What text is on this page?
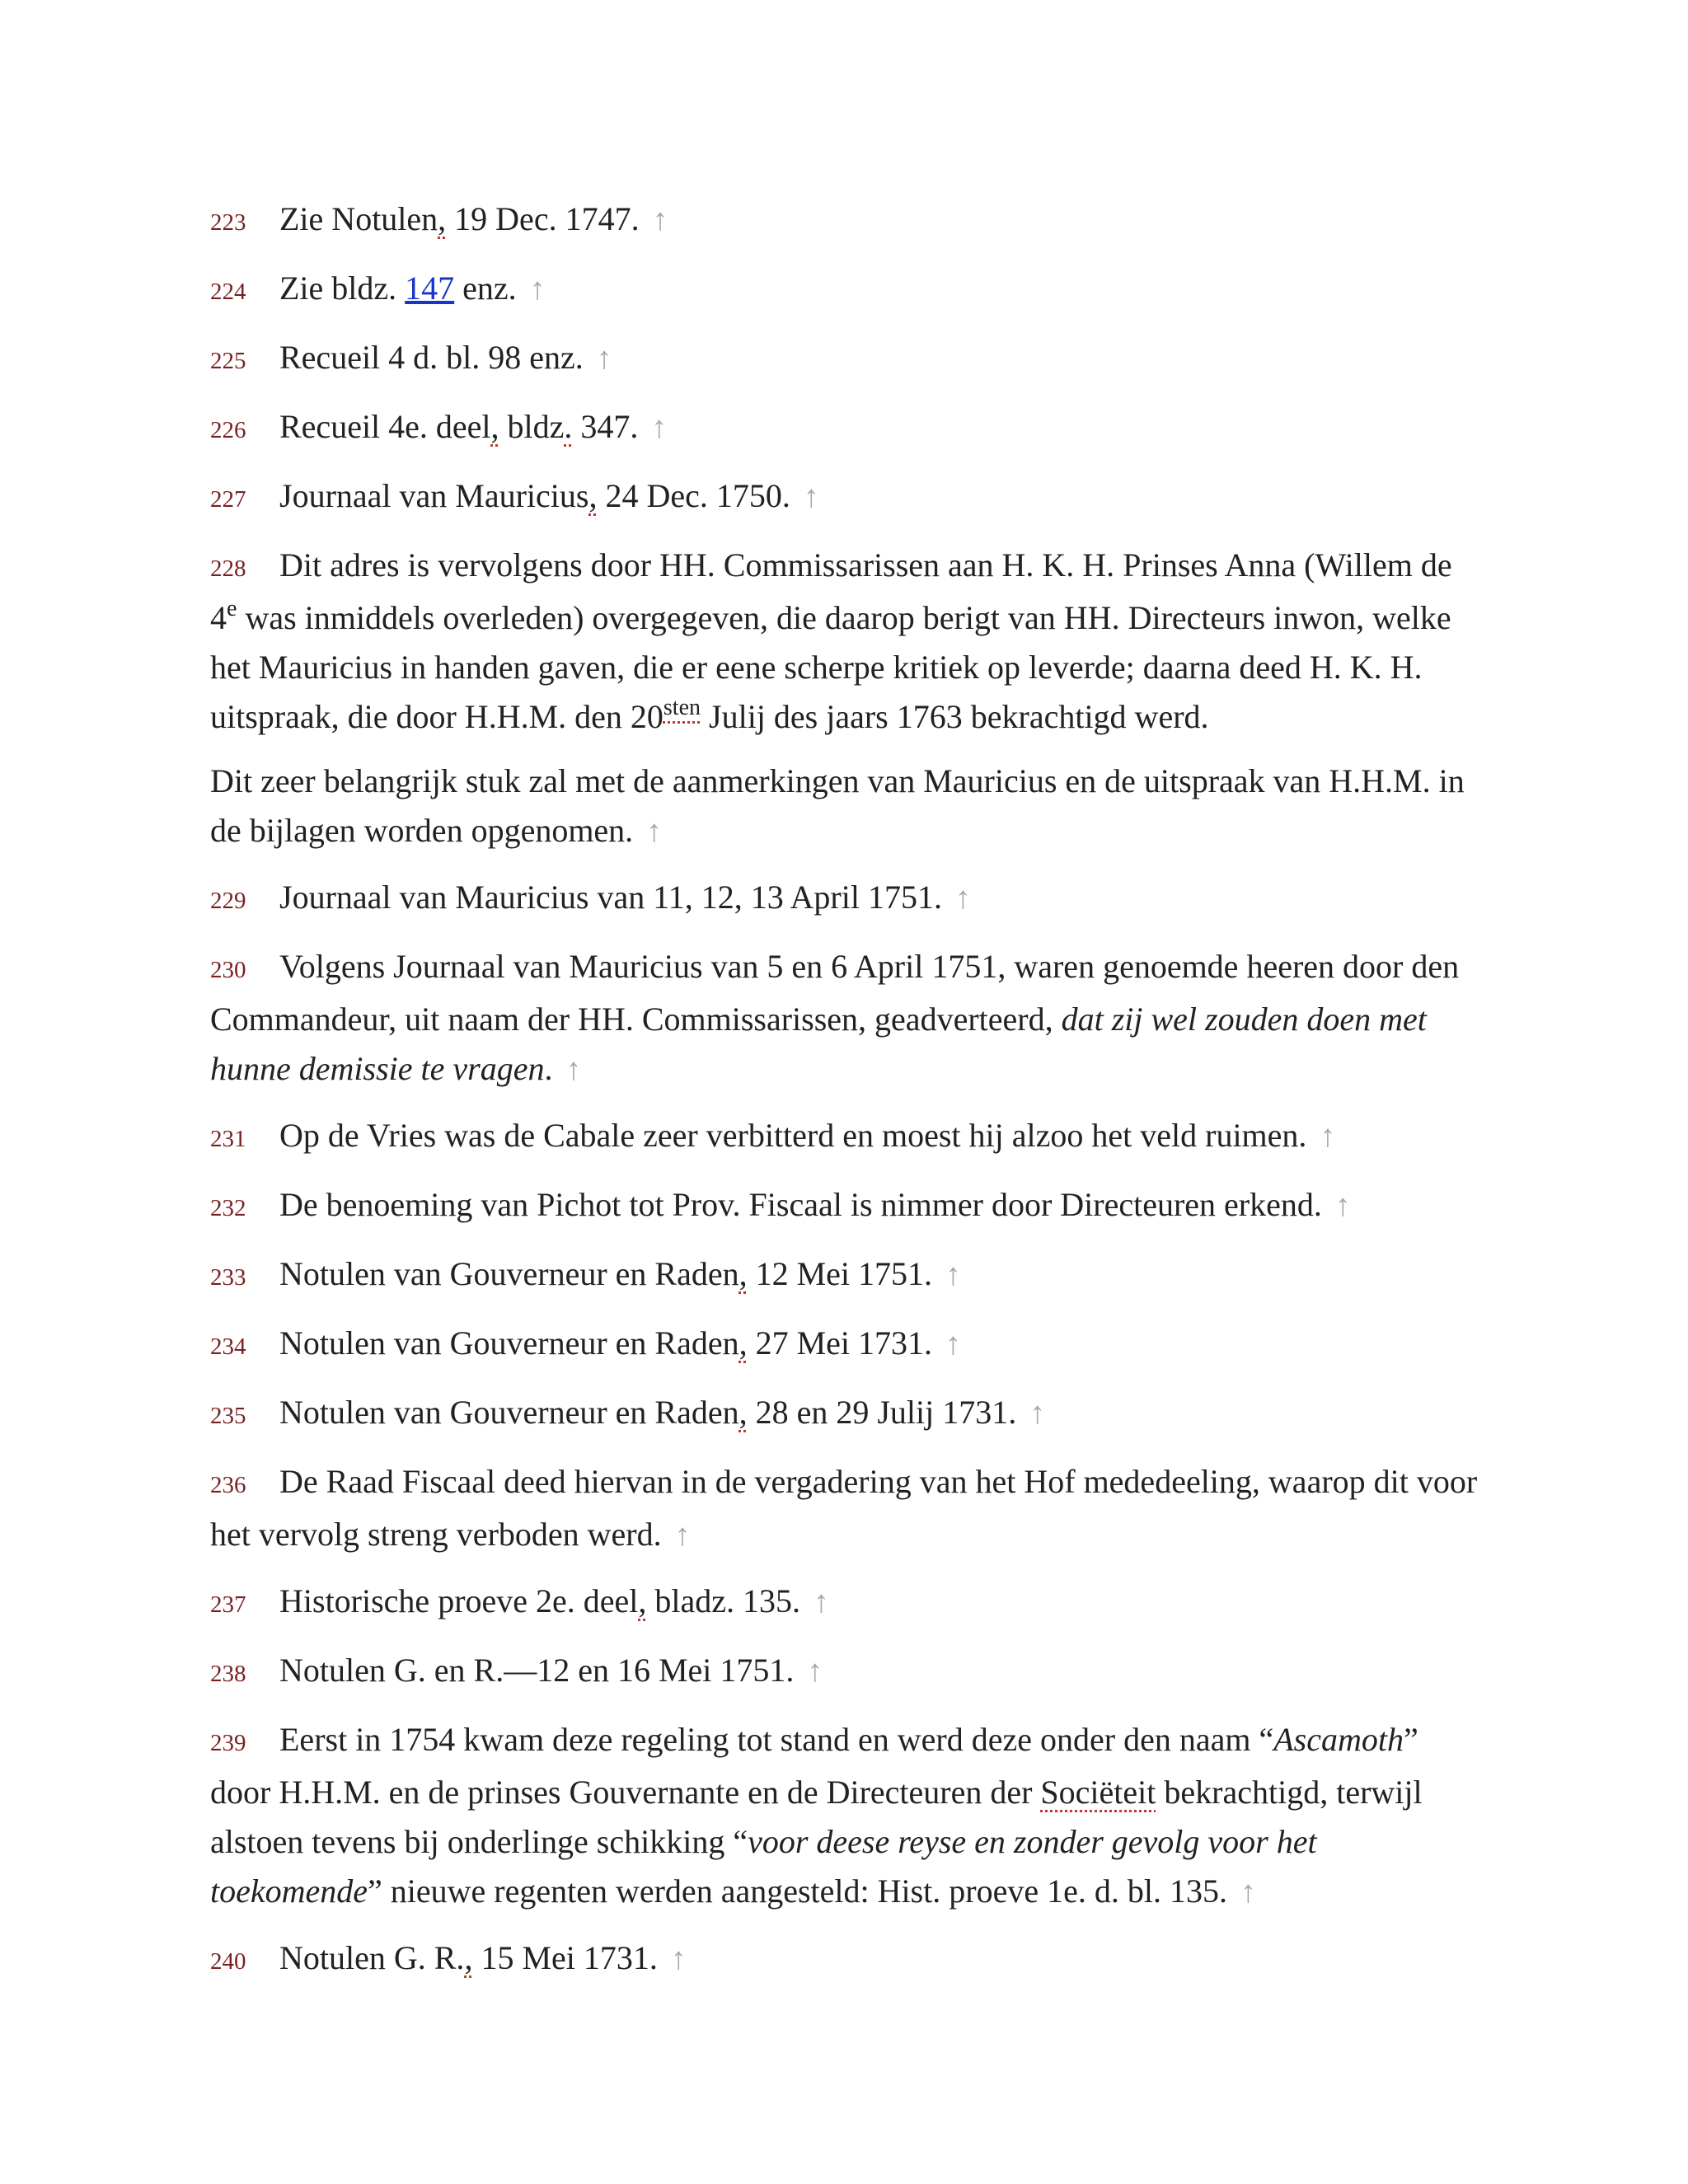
223 Zie Notulen, 19 Dec. 1747. ↑

224 Zie bldz. 147 enz. ↑

225 Recueil 4 d. bl. 98 enz. ↑

226 Recueil 4e. deel, bldz. 347. ↑

227 Journaal van Mauricius, 24 Dec. 1750. ↑

228 Dit adres is vervolgens door HH. Commissarissen aan H. K. H. Prinses Anna (Willem de 4e was inmiddels overleden) overgegeven, die daarop berigt van HH. Directeurs inwon, welke het Mauricius in handen gaven, die er eene scherpe kritiek op leverde; daarna deed H. K. H. uitspraak, die door H.H.M. den $20^{sten}$ Julij des jaars 1763 bekrachtigd werd.

Dit zeer belangrijk stuk zal met de aanmerkingen van Mauricius en de uitspraak van H.H.M. in de bijlagen worden opgenomen. ↑

229 Journaal van Mauricius van 11, 12, 13 April 1751. ↑

230 Volgens Journaal van Mauricius van 5 en 6 April 1751, waren genoemde heeren door den Commandeur, uit naam der HH. Commissarissen, geadverteerd, dat zij wel zouden doen met hunne demissie te vragen. ↑

231 Op de Vries was de Cabale zeer verbitterd en moest hij alzoo het veld ruimen. ↑

232 De benoeming van Pichot tot Prov. Fiscaal is nimmer door Directeuren erkend. ↑

233 Notulen van Gouverneur en Raden, 12 Mei 1751. ↑

234 Notulen van Gouverneur en Raden, 27 Mei 1731. ↑

235 Notulen van Gouverneur en Raden, 28 en 29 Julij 1731. ↑

236 De Raad Fiscaal deed hiervan in de vergadering van het Hof mededeeling, waarop dit voor het vervolg streng verboden werd. ↑

237 Historische proeve 2e. deel, bladz. 135. ↑

238 Notulen G. en R.—12 en 16 Mei 1751. ↑

239 Eerst in 1754 kwam deze regeling tot stand en werd deze onder den naam “Ascamoth” door H.H.M. en de prinses Gouvernante en de Directeuren der Sociëteit bekrachtigd, terwijl alstoen tevens bij onderlinge schikking “voor deese reyse en zonder gevolg voor het toekomende” nieuwe regenten werden aangesteld: Hist. proeve 1e. d. bl. 135. ↑

240 Notulen G. R., 15 Mei 1731. ↑
